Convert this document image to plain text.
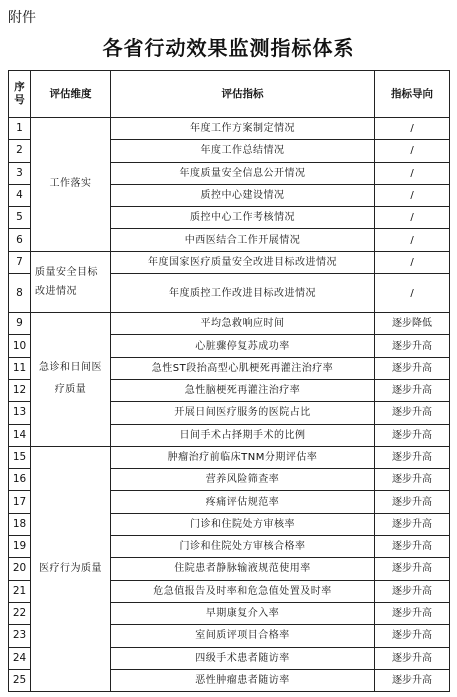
附件
各省行动效果监测指标体系
序号	评估维度	评估指标	指标导向
1	工作落实	年度工作方案制定情况	/
2		年度工作总结情况	/
3		年度质量安全信息公开情况	/
4		质控中心建设情况	/
5		质控中心工作考核情况	/
6		中西医结合工作开展情况	/
7	质量安全目标改进情况	年度国家医疗质量安全改进目标改进情况	/
8		年度质控工作改进目标改进情况	/
9	急诊和日间医疗质量	平均急救响应时间	逐步降低
10		心脏骤停复苏成功率	逐步升高
11		急性ST段抬高型心肌梗死再灌注治疗率	逐步升高
12		急性脑梗死再灌注治疗率	逐步升高
13		开展日间医疗服务的医院占比	逐步升高
14		日间手术占择期手术的比例	逐步升高
15	医疗行为质量	肿瘤治疗前临床TNM分期评估率	逐步升高
16		营养风险筛查率	逐步升高
17		疼痛评估规范率	逐步升高
18		门诊和住院处方审核率	逐步升高
19		门诊和住院处方审核合格率	逐步升高
20		住院患者静脉输液规范使用率	逐步升高
21		危急值报告及时率和危急值处置及时率	逐步升高
22		早期康复介入率	逐步升高
23		室间质评项目合格率	逐步升高
24		四级手术患者随访率	逐步升高
25		恶性肿瘤患者随访率	逐步升高
